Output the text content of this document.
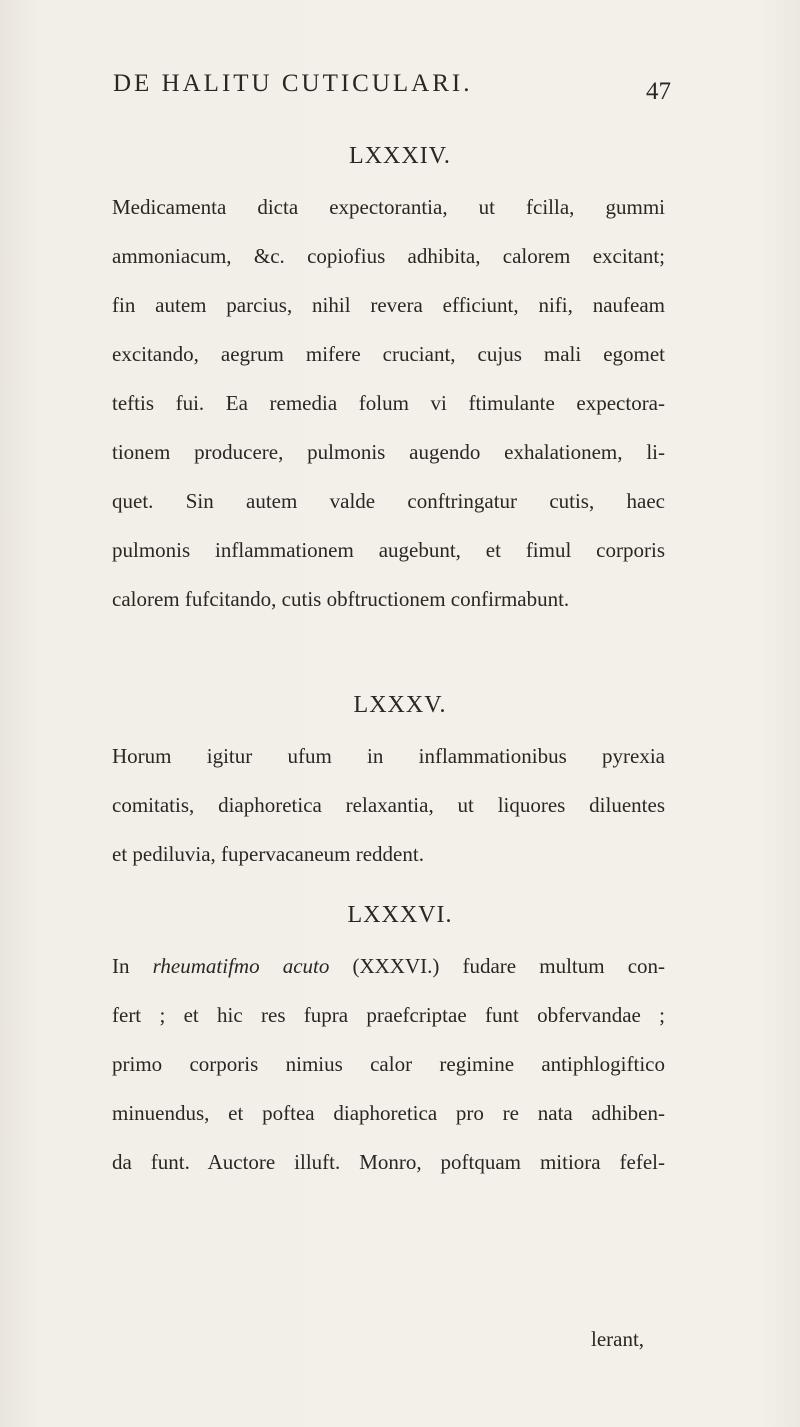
DE HALITU CUTICULARI.	47
LXXXIV.
Medicamenta dicta expectorantia, ut fcilla, gummi
ammoniacum, &c. copiofius adhibita, calorem excitant;
fin autem parcius, nihil revera efficiunt, nifi, naufeam
excitando, aegrum mifere cruciant, cujus mali egomet
teftis fui. Ea remedia folum vi ftimulante expectora-
tionem producere, pulmonis augendo exhalationem, li-
quet. Sin autem valde conftringatur cutis, haec
pulmonis inflammationem augebunt, et fimul corporis
calorem fufcitando, cutis obftructionem confirmabunt.
LXXXV.
Horum igitur ufum in inflammationibus pyrexia
comitatis, diaphoretica relaxantia, ut liquores diluentes
et pediluvia, fupervacaneum reddent.
LXXXVI.
In rheumatifmo acuto (XXXVI.) fudare multum con-
fert ; et hic res fupra praefcriptae funt obfervandae ;
primo corporis nimius calor regimine antiphlogiftico
minuendus, et poftea diaphoretica pro re nata adhiben-
da funt. Auctore illuft. Monro, poftquam mitiora fefel-
lerant,
